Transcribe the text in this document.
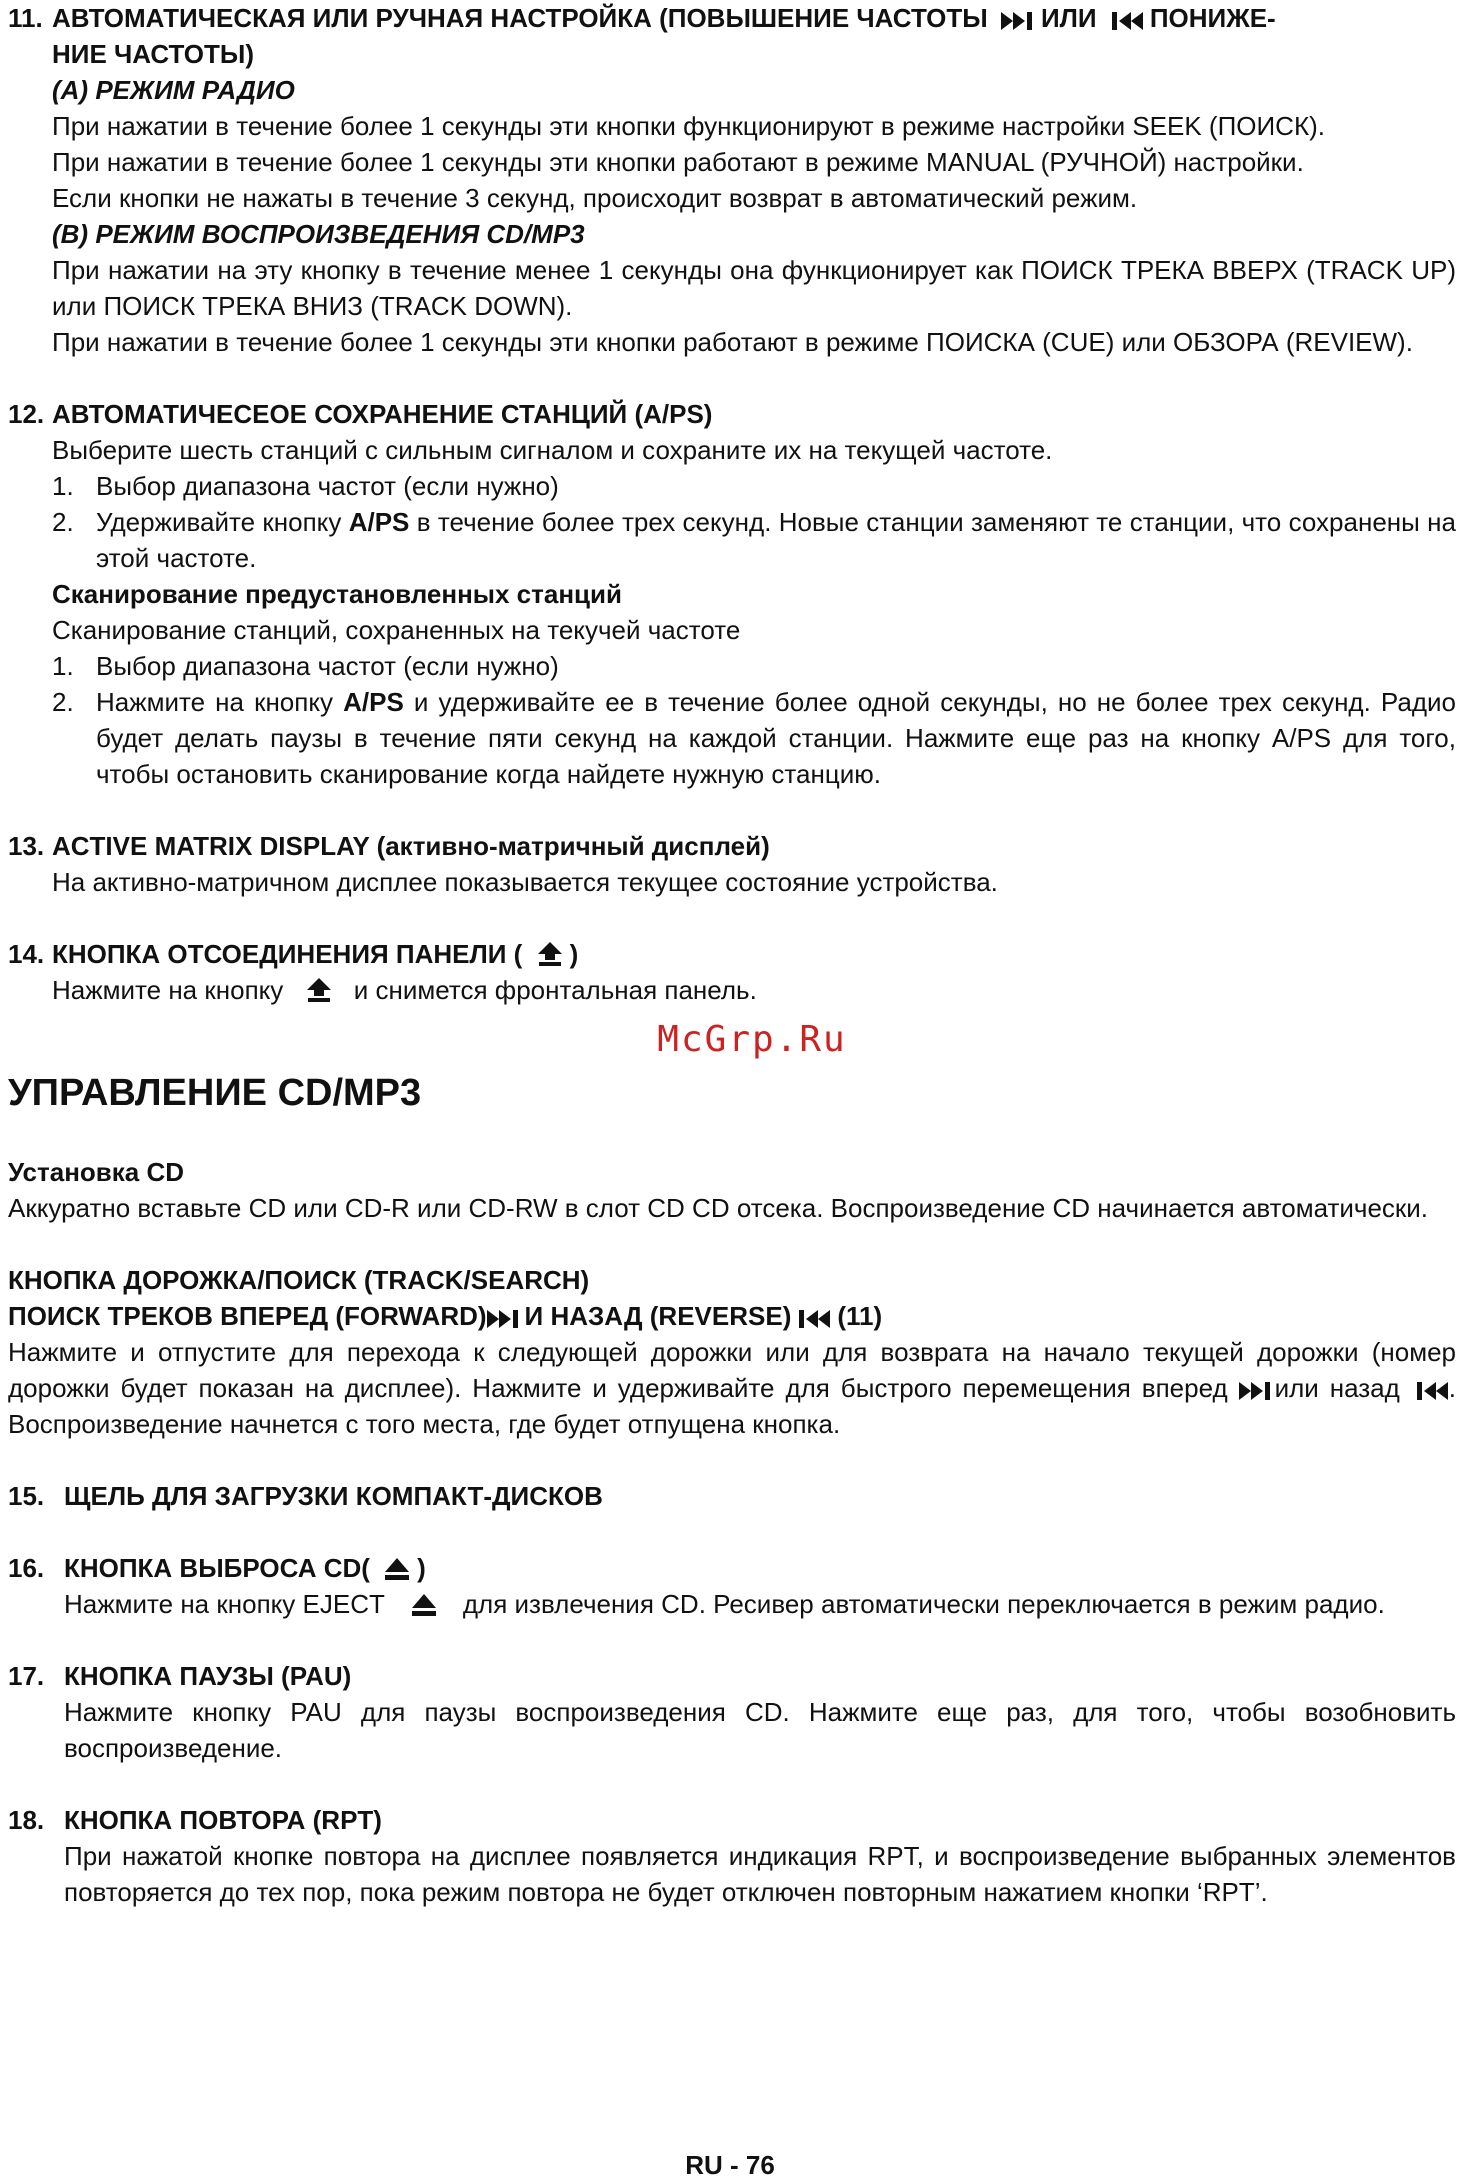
11. АВТОМАТИЧЕСКАЯ ИЛИ РУЧНАЯ НАСТРОЙКА (ПОВЫШЕНИЕ ЧАСТОТЫ ИЛИ ПОНИЖЕ-

НИЕ ЧАСТОТЫ)

(A) РЕЖИМ РАДИО

При нажатии в течение более 1 секунды эти кнопки функционируют в режиме настройки SEEK (ПОИСК).

При нажатии в течение более 1 секунды эти кнопки работают в режиме MANUAL (РУЧНОЙ) настройки.

Если кнопки не нажаты в течение 3 секунд, происходит возврат в автоматический режим.

(B) РЕЖИМ ВОСПРОИЗВЕДЕНИЯ CD/MP3

При нажатии на эту кнопку в течение менее 1 секунды она функционирует как ПОИСК ТРЕКА ВВЕРХ (TRACK UP) или ПОИСК ТРЕКА ВНИЗ (TRACK DOWN).

При нажатии в течение более 1 секунды эти кнопки работают в режиме ПОИСКА (CUE) или ОБЗОРА (REVIEW).

12. АВТОМАТИЧЕСЕОЕ СОХРАНЕНИЕ СТАНЦИЙ (A/PS)

Выберите шесть станций с сильным сигналом и сохраните их на текущей частоте.

1. Выбор диапазона частот (если нужно)
2. Удерживайте кнопку A/PS в течение более трех секунд. Новые станции заменяют те станции, что сохранены на этой частоте.

Сканирование предустановленных станций

Сканирование станций, сохраненных на текучей частоте

1. Выбор диапазона частот (если нужно)
2. Нажмите на кнопку A/PS и удерживайте ее в течение более одной секунды, но не более трех секунд. Радио будет делать паузы в течение пяти секунд на каждой станции. Нажмите еще раз на кнопку A/PS для того, чтобы остановить сканирование когда найдете нужную станцию.
13. ACTIVE MATRIX DISPLAY (активно-матричный дисплей)

На активно-матричном дисплее показывается текущее состояние устройства.

14. КНОПКА ОТСОЕДИНЕНИЯ ПАНЕЛИ ( )

Нажмите на кнопку	и снимется фронтальная панель.

McGrp.Ru
УПРАВЛЕНИЕ CD/MP3

Установка CD

Аккуратно вставьте CD или CD-R или CD-RW в слот CD CD отсека. Воспроизведение CD начинается автоматически.

КНОПКА ДОРОЖКА/ПОИСК (TRACK/SEARCH)

ПОИСК ТРЕКОВ ВПЕРЕД (FORWARD) И НАЗАД (REVERSE) (11)

Нажмите и отпустите для перехода к следующей дорожки или для возврата на начало текущей дорожки (номер дорожки будет показан на дисплее). Нажмите и удерживайте для быстрого перемещения вперед или назад . Воспроизведение начнется с того места, где будет отпущена кнопка.

15. ЩЕЛЬ ДЛЯ ЗАГРУЗКИ КОМПАКТ-ДИСКОВ
16. КНОПКА ВЫБРОСА CD( )

Нажмите на кнопку EJECT	для извлечения CD. Ресивер автоматически переключается в режим радио.

17. КНОПКА ПАУЗЫ (PAU)

Нажмите кнопку PAU для паузы воспроизведения CD. Нажмите еще раз, для того, чтобы возобновить воспроизведение.

18. КНОПКА ПОВТОРА (RPT)

При нажатой кнопке повтора на дисплее появляется индикация RPT, и воспроизведение выбранных элементов повторяется до тех пор, пока режим повтора не будет отключен повторным нажатием кнопки ‘RPT’.

RU - 76
